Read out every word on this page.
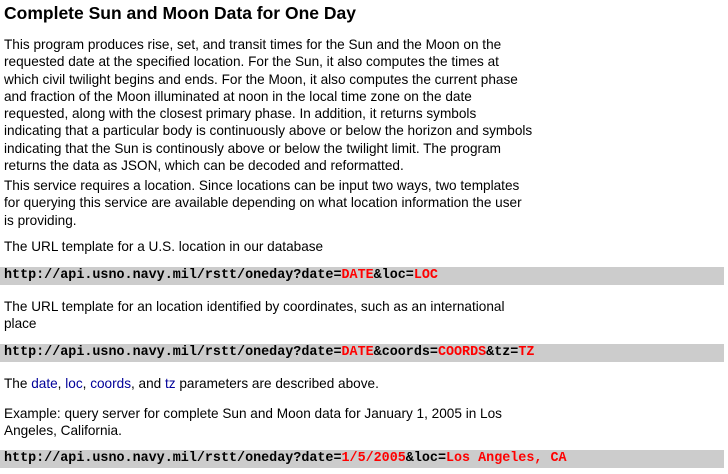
Complete Sun and Moon Data for One Day

This program produces rise, set, and transit times for the Sun and the Moon on the
requested date at the specified location. For the Sun, it also computes the times at
which civil twilight begins and ends. For the Moon, it also computes the current phase
and fraction of the Moon illuminated at noon in the local time zone on the date
requested, along with the closest primary phase. In addition, it returns symbols
indicating that a particular body is continuously above or below the horizon and symbols
indicating that the Sun is continously above or below the twilight limit. The program
returns the data as JSON, which can be decoded and reformatted.

This service requires a location. Since locations can be input two ways, two templates
for querying this service are available depending on what location information the user
is providing.

The URL template for a U.S. location in our database

http://api.usno.navy.mil/rstt/oneday?date=DATE&loc=LOC

The URL template for an location identified by coordinates, such as an international
place

http://api.usno.navy.mil/rstt/oneday?date=DATE&coords=COORDS&tz=TZ

The date, loc, coords, and tz parameters are described above.

Example: query server for complete Sun and Moon data for January 1, 2005 in Los
Angeles, California.

http://api.usno.navy.mil/rstt/oneday?date=1/5/2005&loc=Los Angeles, CA
